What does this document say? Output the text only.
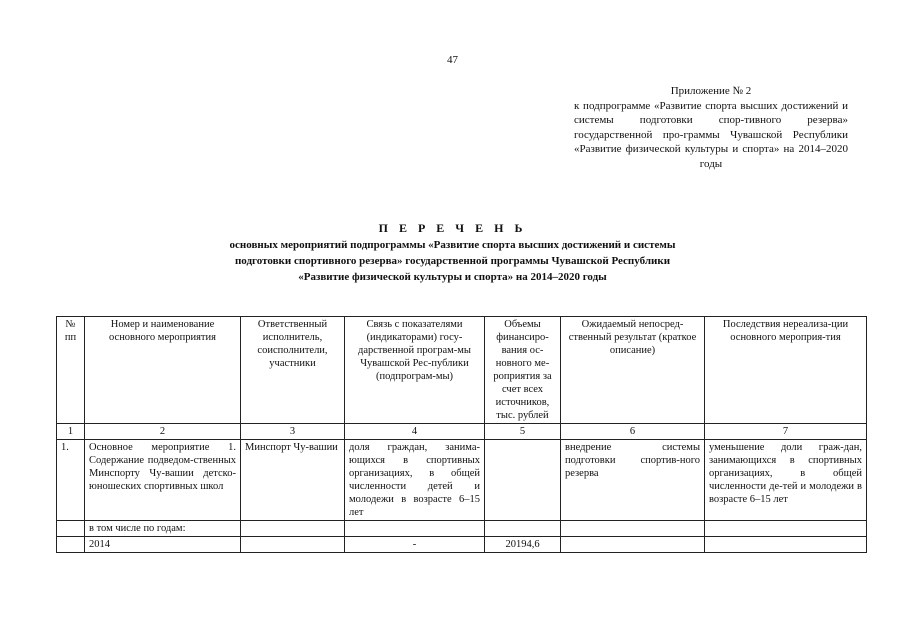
47
Приложение № 2
к подпрограмме «Развитие спорта высших достижений и системы подготовки спор-тивного резерва» государственной про-граммы Чувашской Республики «Развитие физической культуры и спорта» на 2014–2020 годы
П Е Р Е Ч Е Н Ь
основных мероприятий подпрограммы «Развитие спорта высших достижений и системы
подготовки спортивного резерва» государственной программы Чувашской Республики
«Развитие физической культуры и спорта» на 2014–2020 годы
№ пп	Номер и наименование основного мероприятия	Ответственный исполнитель, соисполнители, участники	Связь с показателями (индикаторами) госу-дарственной програм-мы Чувашской Рес-публики (подпрограм-мы)	Объемы финансиро-вания ос-новного ме-роприятия за счет всех источников, тыс. рублей	Ожидаемый непосред-ственный результат (краткое описание)	Последствия нереализа-ции основного мероприя-тия
1	2	3	4	5	6	7
1.	Основное мероприятие 1. Содержание подведом-ственных Минспорту Чу-вашии детско-юношеских спортивных школ	Минспорт Чу-вашии	доля граждан, занима-ющихся в спортивных организациях, в общей численности детей и молодежи в возрасте 6–15 лет		внедрение системы подготовки спортив-ного резерва	уменьшение доли граж-дан, занимающихся в спортивных организациях, в общей численности де-тей и молодежи в возрасте 6–15 лет
	в том числе по годам:					
	2014		-	20194,6		
